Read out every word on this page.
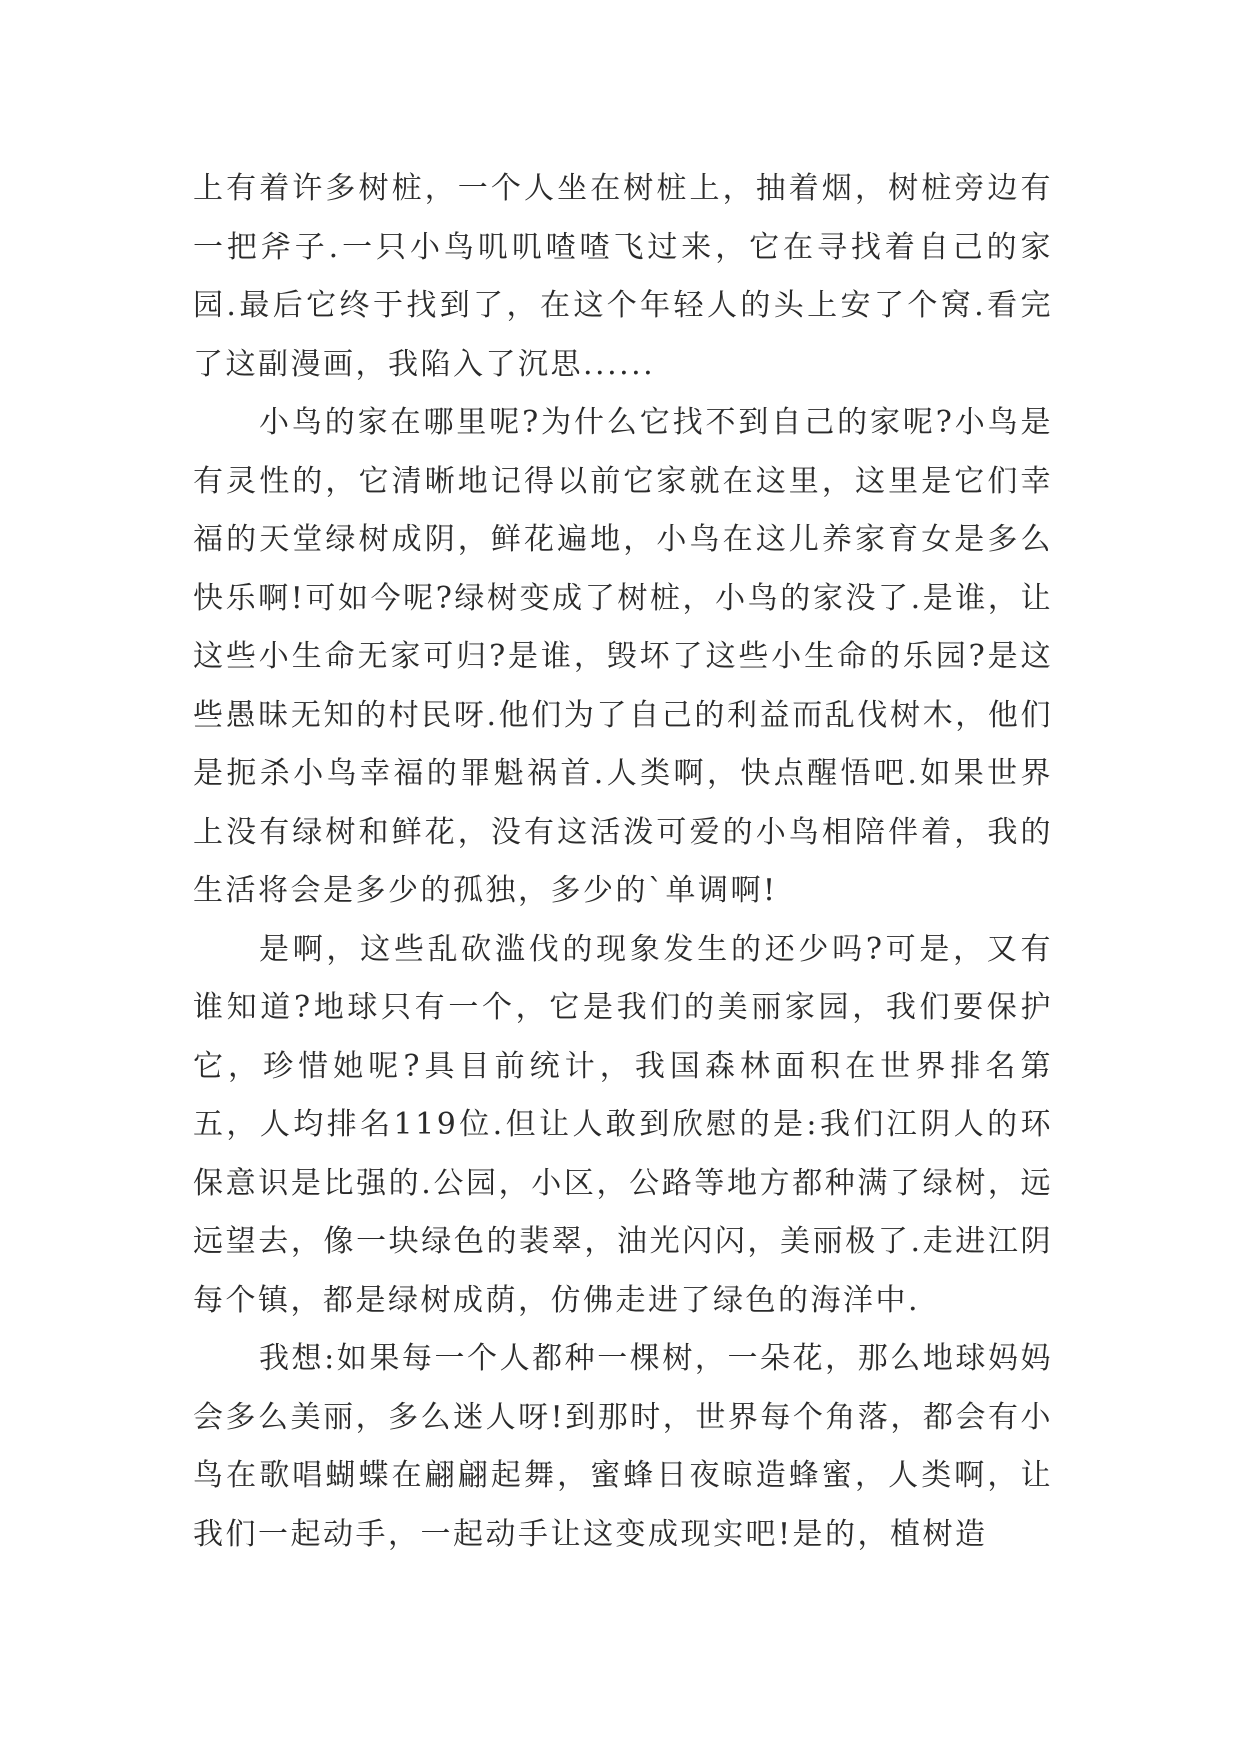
上有着许多树桩，一个人坐在树桩上，抽着烟，树桩旁边有一把斧子.一只小鸟叽叽喳喳飞过来，它在寻找着自己的家园.最后它终于找到了，在这个年轻人的头上安了个窝.看完了这副漫画，我陷入了沉思......

小鸟的家在哪里呢?为什么它找不到自己的家呢?小鸟是有灵性的，它清晰地记得以前它家就在这里，这里是它们幸福的天堂绿树成阴，鲜花遍地，小鸟在这儿养家育女是多么快乐啊!可如今呢?绿树变成了树桩，小鸟的家没了.是谁，让这些小生命无家可归?是谁，毁坏了这些小生命的乐园?是这些愚昧无知的村民呀.他们为了自己的利益而乱伐树木，他们是扼杀小鸟幸福的罪魁祸首.人类啊，快点醒悟吧.如果世界上没有绿树和鲜花，没有这活泼可爱的小鸟相陪伴着，我的生活将会是多少的孤独，多少的`单调啊!

是啊，这些乱砍滥伐的现象发生的还少吗?可是，又有谁知道?地球只有一个，它是我们的美丽家园，我们要保护它，珍惜她呢?具目前统计，我国森林面积在世界排名第五，人均排名119位.但让人敢到欣慰的是:我们江阴人的环保意识是比强的.公园，小区，公路等地方都种满了绿树，远远望去，像一块绿色的裴翠，油光闪闪，美丽极了.走进江阴每个镇，都是绿树成荫，仿佛走进了绿色的海洋中.

我想:如果每一个人都种一棵树，一朵花，那么地球妈妈会多么美丽，多么迷人呀!到那时，世界每个角落，都会有小鸟在歌唱蝴蝶在翩翩起舞，蜜蜂日夜晾造蜂蜜，人类啊，让我们一起动手，一起动手让这变成现实吧!是的，植树造
